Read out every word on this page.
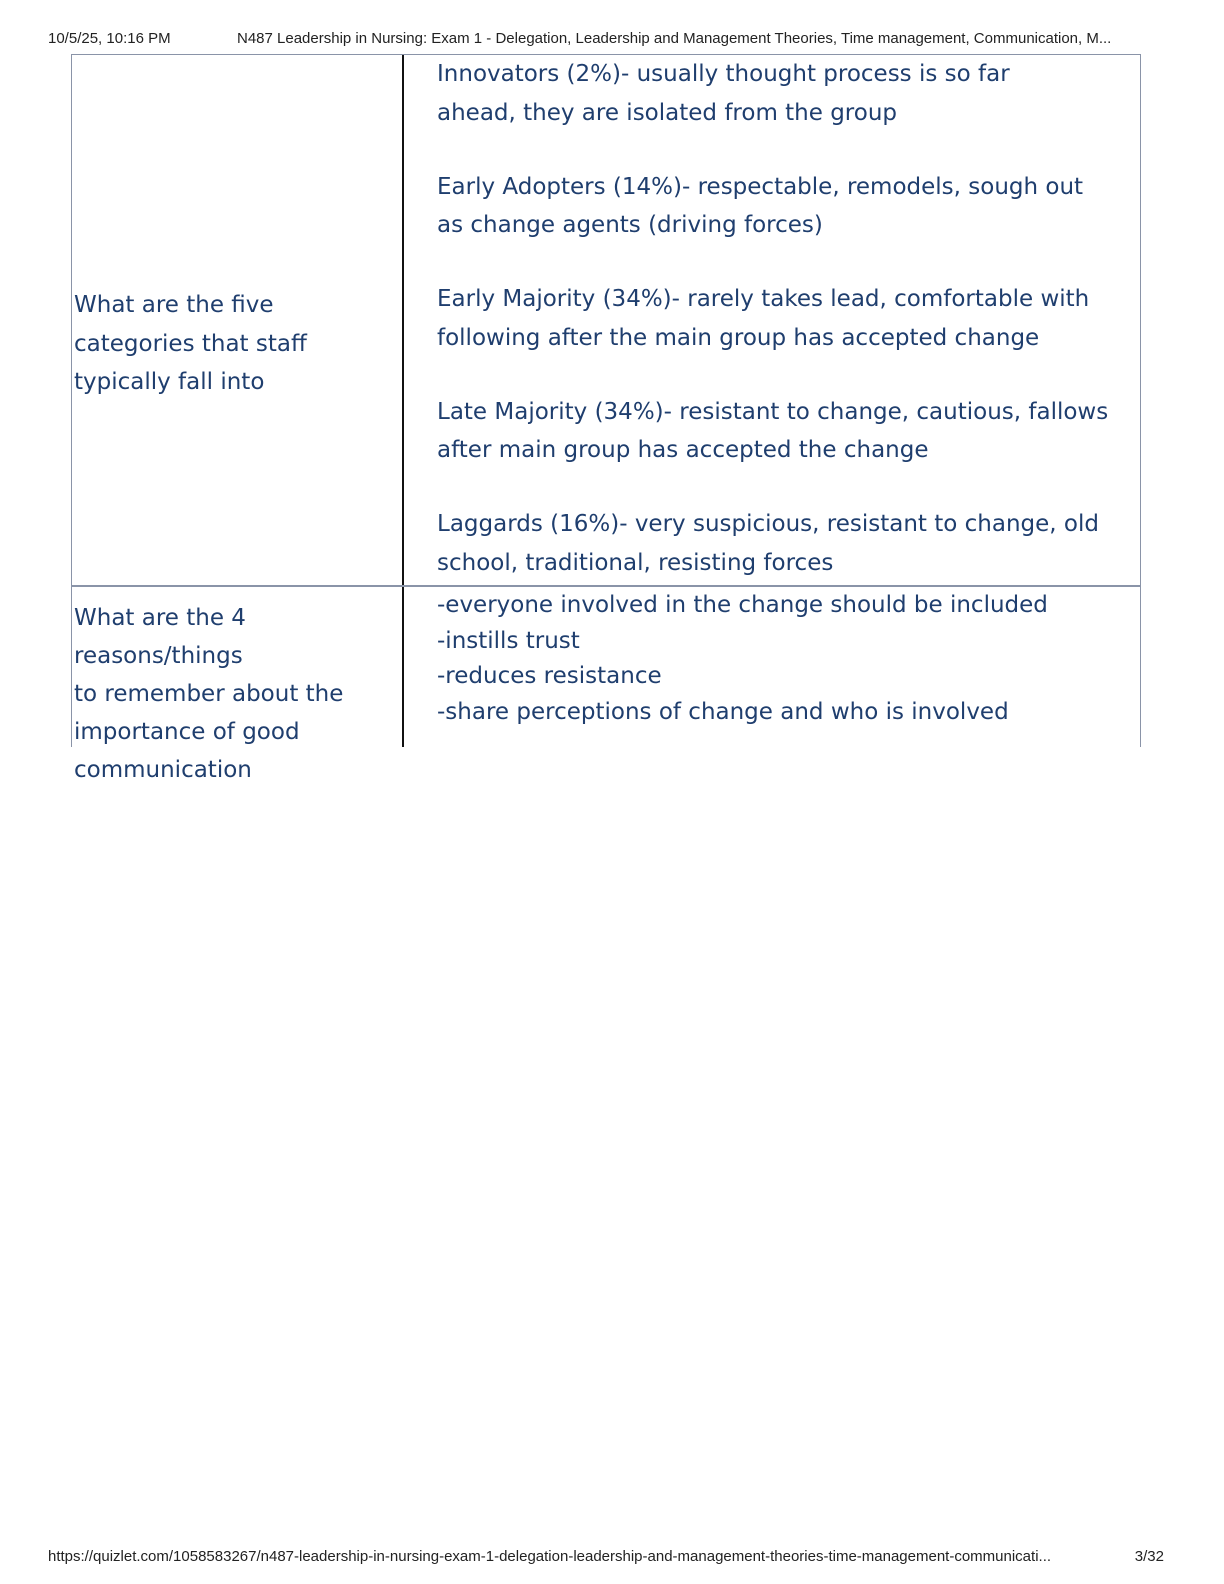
10/5/25, 10:16 PM	N487 Leadership in Nursing: Exam 1 - Delegation, Leadership and Management Theories, Time management, Communication, M...
What are the five
categories that staff
typically fall into
Innovators (2%)- usually thought process is so far
ahead, they are isolated from the group
Early Adopters (14%)- respectable, remodels, sough out
as change agents (driving forces)
Early Majority (34%)- rarely takes lead, comfortable with
following after the main group has accepted change
Late Majority (34%)- resistant to change, cautious, fallows
after main group has accepted the change
Laggards (16%)- very suspicious, resistant to change, old
school, traditional, resisting forces
What are the 4 reasons/things
to remember about the
importance of good
communication
-everyone involved in the change should be included
-instills trust
-reduces resistance
-share perceptions of change and who is involved
https://quizlet.com/1058583267/n487-leadership-in-nursing-exam-1-delegation-leadership-and-management-theories-time-management-communicati...	3/32
